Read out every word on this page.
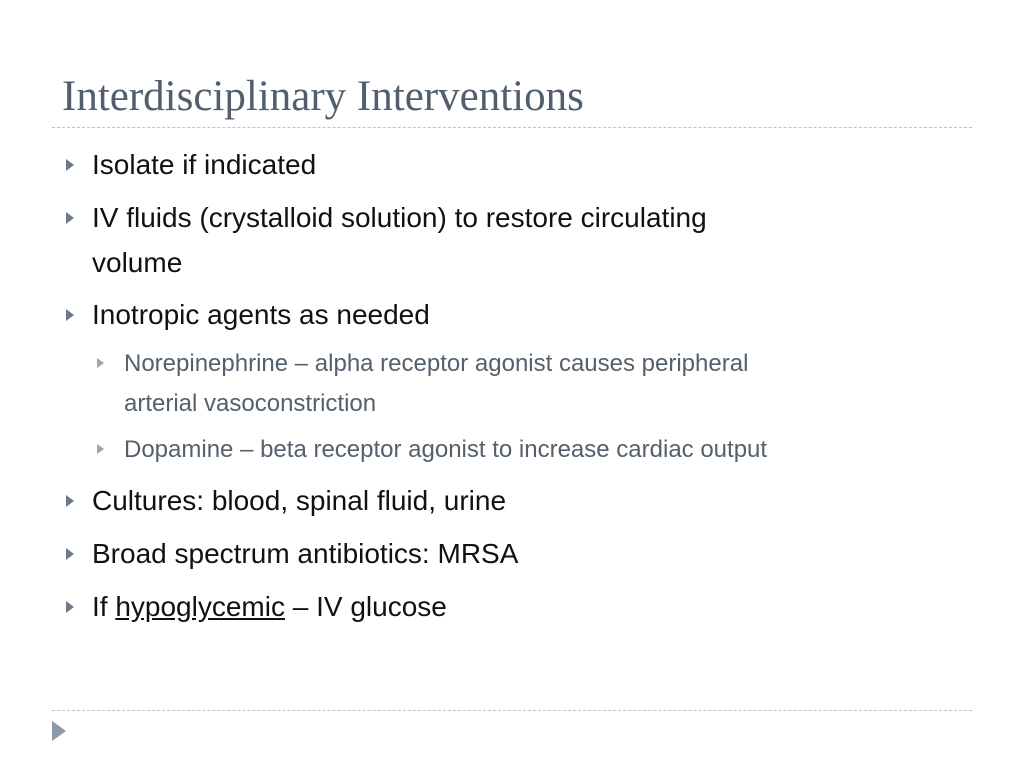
Interdisciplinary Interventions
Isolate if indicated
IV fluids (crystalloid solution) to restore circulating
volume
Inotropic agents as needed
Norepinephrine – alpha receptor agonist causes peripheral
arterial vasoconstriction
Dopamine – beta receptor agonist to increase cardiac output
Cultures: blood, spinal fluid, urine
Broad spectrum antibiotics: MRSA
If hypoglycemic – IV glucose
